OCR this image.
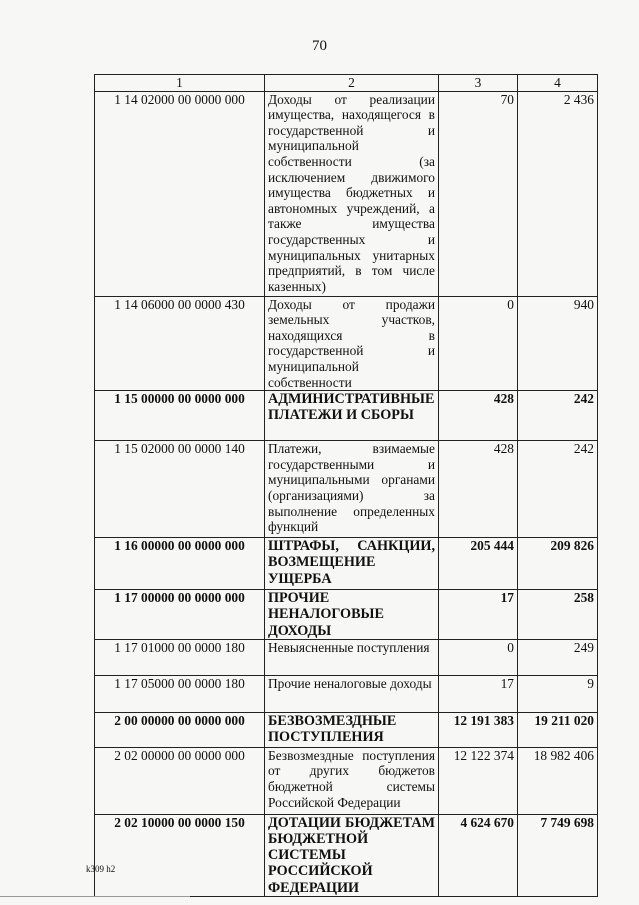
70
1	2	3	4
1 14 02000 00 0000 000	Доходы от реализации имущества, находящегося в государственной и муниципальной собственности (за исключением движимого имущества бюджетных и автономных учреждений, а также имущества государственных и муниципальных унитарных предприятий, в том числе казенных)	70	2 436
1 14 06000 00 0000 430	Доходы от продажи земельных участков, находящихся в государственной и муниципальной собственности	0	940
1 15 00000 00 0000 000	АДМИНИСТРАТИВНЫЕ ПЛАТЕЖИ И СБОРЫ	428	242
1 15 02000 00 0000 140	Платежи, взимаемые государственными и муниципальными органами (организациями) за выполнение определенных функций	428	242
1 16 00000 00 0000 000	ШТРАФЫ, САНКЦИИ, ВОЗМЕЩЕНИЕ УЩЕРБА	205 444	209 826
1 17 00000 00 0000 000	ПРОЧИЕ НЕНАЛОГОВЫЕ ДОХОДЫ	17	258
1 17 01000 00 0000 180	Невыясненные поступления	0	249
1 17 05000 00 0000 180	Прочие неналоговые доходы	17	9
2 00 00000 00 0000 000	БЕЗВОЗМЕЗДНЫЕ ПОСТУПЛЕНИЯ	12 191 383	19 211 020
2 02 00000 00 0000 000	Безвозмездные поступления от других бюджетов бюджетной системы Российской Федерации	12 122 374	18 982 406
2 02 10000 00 0000 150	ДОТАЦИИ БЮДЖЕТАМ БЮДЖЕТНОЙ СИСТЕМЫ РОССИЙСКОЙ ФЕДЕРАЦИИ	4 624 670	7 749 698
k309 h2
